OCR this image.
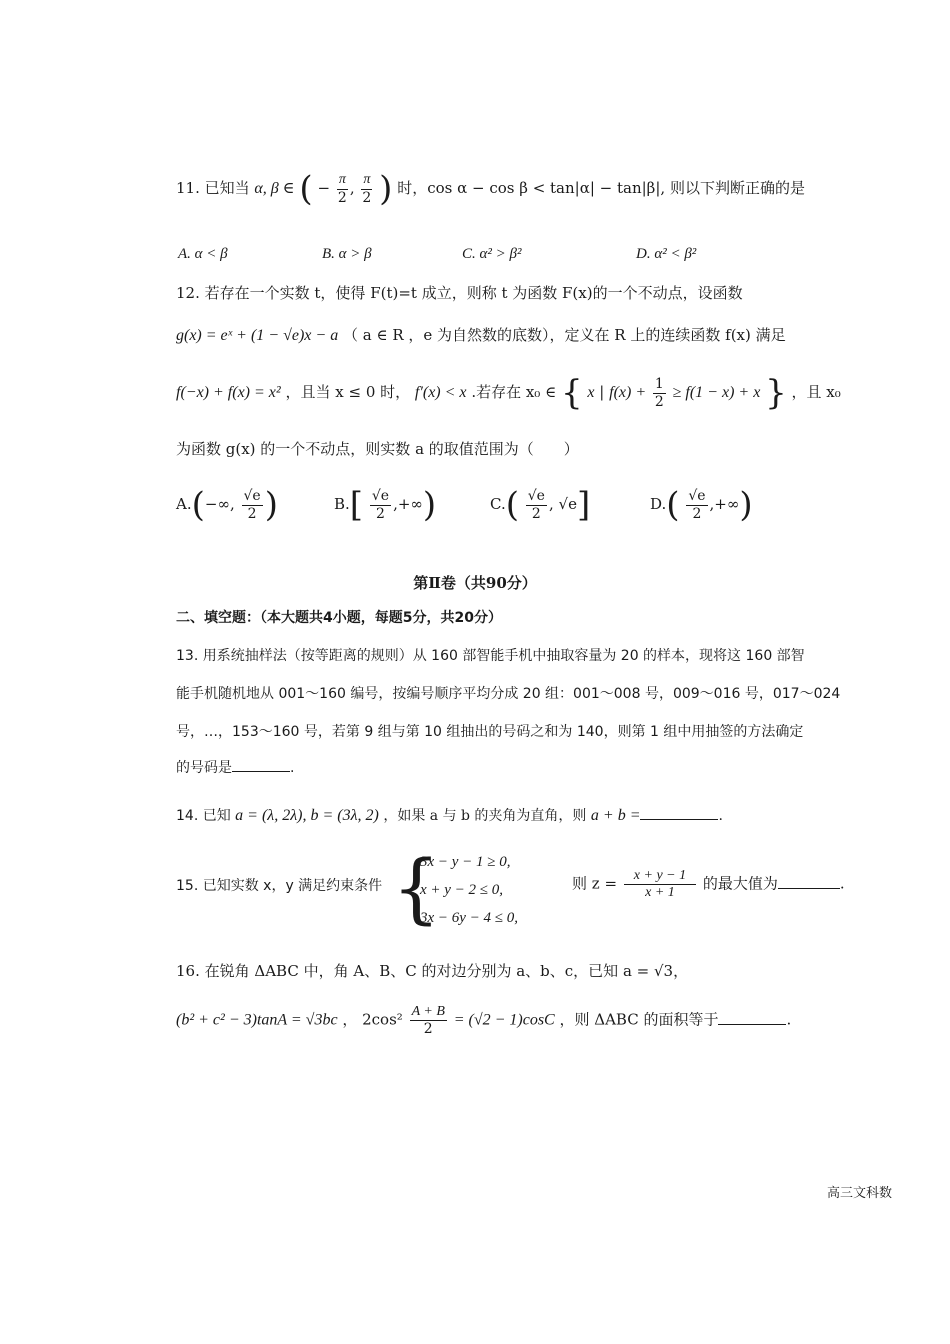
11. 已知当 α, β ∈ ( − $\frac{\pi}{2}$ , $\frac{\pi}{2}$ ) 时，cos α − cos β < tan|α| − tan|β|, 则以下判断正确的是
A. α < β	B. α > β	C. α² > β²	D. α² < β²
12. 若存在一个实数 t，使得 F(t)=t 成立，则称 t 为函数 F(x)的一个不动点，设函数
g(x) = eˣ + (1 − √e)x − a （ a ∈ R ，e 为自然数的底数），定义在 R 上的连续函数 f(x) 满足
f(−x) + f(x) = x² ，且当 x ≤ 0 时， f′(x) < x .若存在 x₀ ∈ { x | $f(x) + \frac{1}{2} \ge f(1 - x) + x$ } ，且 x₀
为函数 g(x) 的一个不动点，则实数 a 的取值范围为（　　）
A.(−∞, $\frac{√e}{2}$ )	$B.[ \frac{√e}{2}$ ,+∞)	$C.( \frac{√e}{2}$ , √e]	$D.( \frac{√e}{2}$ ,+∞)
第Ⅱ卷（共90分）
二、填空题：（本大题共4小题，每题5分，共20分）
13. 用系统抽样法（按等距离的规则）从 160 部智能手机中抽取容量为 20 的样本，现将这 160 部智
能手机随机地从 001～160 编号，按编号顺序平均分成 20 组：001～008 号，009～016 号，017～024
号，…，153～160 号，若第 9 组与第 10 组抽出的号码之和为 140，则第 1 组中用抽签的方法确定
的号码是	.
14. 已知 a = (λ, 2λ), b = (3λ, 2) ，如果 a 与 b 的夹角为直角，则 a + b =	.
15. 已知实数 x，y 满足约束条件 {
3x − y − 1 ≥ 0,
x + y − 2 ≤ 0,
3x − 6y − 4 ≤ 0,
则 $z = \frac{x + y - 1}{x + 1}$ 的最大值为	.
16. 在锐角 ΔABC 中，角 A、B、C 的对边分别为 a、b、c，已知 a = √3，
(b² + c² − 3)tanA = √3bc ， $2\cos^2 \frac{A + B}{2} = (√2 - 1)\cos C$ ，则 ΔABC 的面积等于	.
高三文科数
